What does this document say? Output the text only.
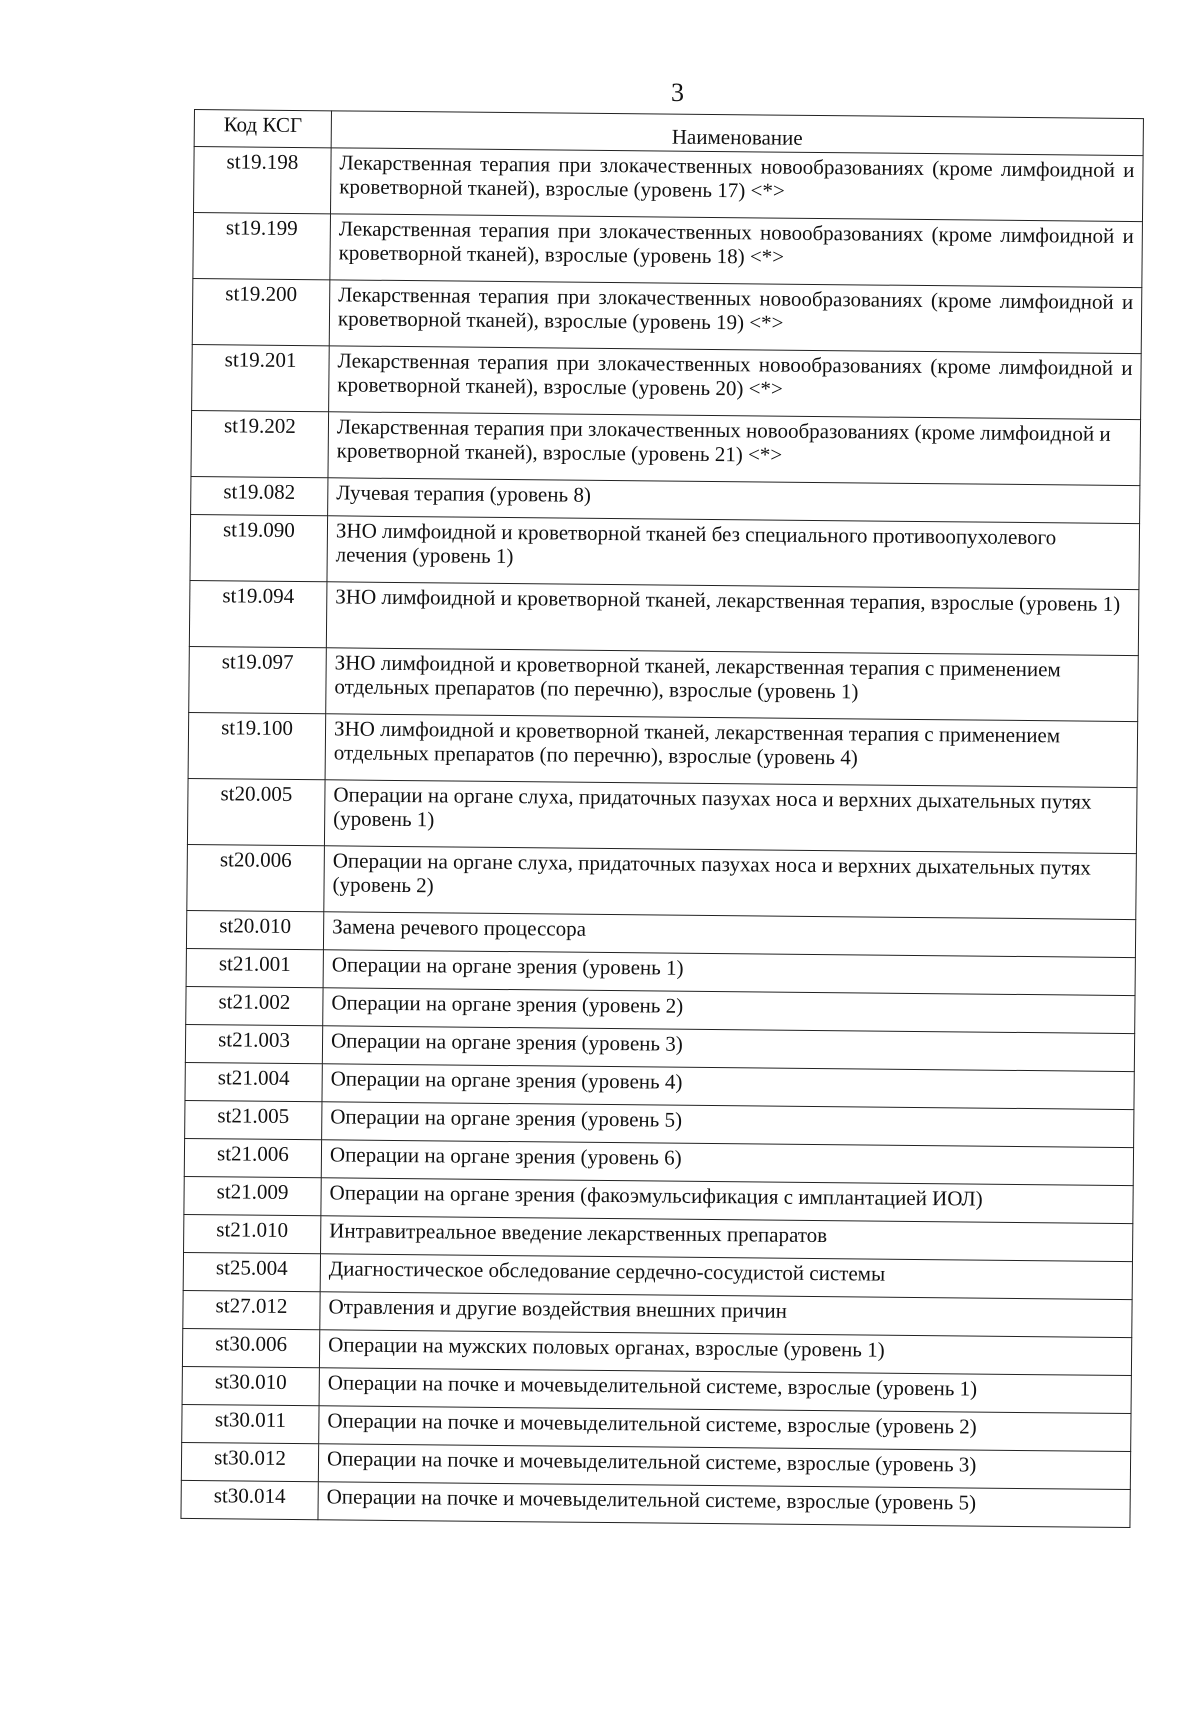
3
Код КСГ	Наименование
st19.198	Лекарственная терапия при злокачественных новообразованиях (кроме лимфоидной и кроветворной тканей), взрослые (уровень 17) <*>
st19.199	Лекарственная терапия при злокачественных новообразованиях (кроме лимфоидной и кроветворной тканей), взрослые (уровень 18) <*>
st19.200	Лекарственная терапия при злокачественных новообразованиях (кроме лимфоидной и кроветворной тканей), взрослые (уровень 19) <*>
st19.201	Лекарственная терапия при злокачественных новообразованиях (кроме лимфоидной и кроветворной тканей), взрослые (уровень 20) <*>
st19.202	Лекарственная терапия при злокачественных новообразованиях (кроме лимфоидной и кроветворной тканей), взрослые (уровень 21) <*>
st19.082	Лучевая терапия (уровень 8)
st19.090	ЗНО лимфоидной и кроветворной тканей без специального противоопухолевого лечения (уровень 1)
st19.094	ЗНО лимфоидной и кроветворной тканей, лекарственная терапия, взрослые (уровень 1)
st19.097	ЗНО лимфоидной и кроветворной тканей, лекарственная терапия с применением отдельных препаратов (по перечню), взрослые (уровень 1)
st19.100	ЗНО лимфоидной и кроветворной тканей, лекарственная терапия с применением отдельных препаратов (по перечню), взрослые (уровень 4)
st20.005	Операции на органе слуха, придаточных пазухах носа и верхних дыхательных путях (уровень 1)
st20.006	Операции на органе слуха, придаточных пазухах носа и верхних дыхательных путях (уровень 2)
st20.010	Замена речевого процессора
st21.001	Операции на органе зрения (уровень 1)
st21.002	Операции на органе зрения (уровень 2)
st21.003	Операции на органе зрения (уровень 3)
st21.004	Операции на органе зрения (уровень 4)
st21.005	Операции на органе зрения (уровень 5)
st21.006	Операции на органе зрения (уровень 6)
st21.009	Операции на органе зрения (факоэмульсификация с имплантацией ИОЛ)
st21.010	Интравитреальное введение лекарственных препаратов
st25.004	Диагностическое обследование сердечно-сосудистой системы
st27.012	Отравления и другие воздействия внешних причин
st30.006	Операции на мужских половых органах, взрослые (уровень 1)
st30.010	Операции на почке и мочевыделительной системе, взрослые (уровень 1)
st30.011	Операции на почке и мочевыделительной системе, взрослые (уровень 2)
st30.012	Операции на почке и мочевыделительной системе, взрослые (уровень 3)
st30.014	Операции на почке и мочевыделительной системе, взрослые (уровень 5)
